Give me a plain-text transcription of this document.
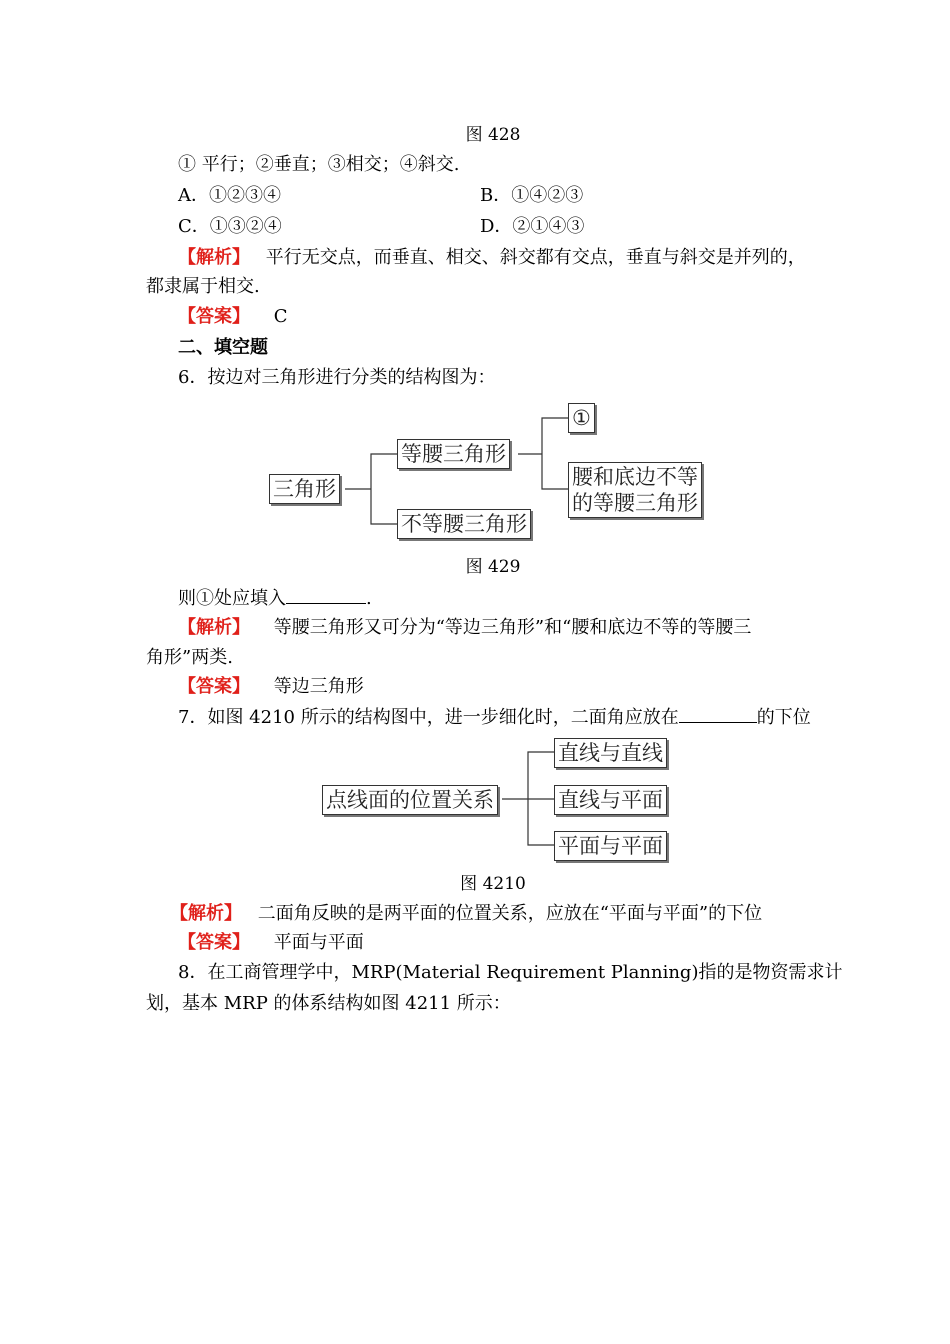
图 428
① 平行；②垂直；③相交；④斜交.
A．①②③④	B．①④②③
C．①③②④	D．②①④③
【解析】 平行无交点，而垂直、相交、斜交都有交点，垂直与斜交是并列的，
都隶属于相交.
【答案】 C
二、填空题
6．按边对三角形进行分类的结构图为：
三角形
等腰三角形
不等腰三角形
①
腰和底边不等
的等腰三角形
图 429
则①处应填入	.
【解析】 等腰三角形又可分为“等边三角形”和“腰和底边不等的等腰三
角形”两类.
【答案】 等边三角形
7．如图 4210 所示的结构图中，进一步细化时，二面角应放在	的下位
点线面的位置关系
直线与直线
直线与平面
平面与平面
图 4210
【解析】 二面角反映的是两平面的位置关系，应放在“平面与平面”的下位
【答案】 平面与平面
8．在工商管理学中，MRP(Material Requirement Planning)指的是物资需求计
划，基本 MRP 的体系结构如图 4211 所示：
